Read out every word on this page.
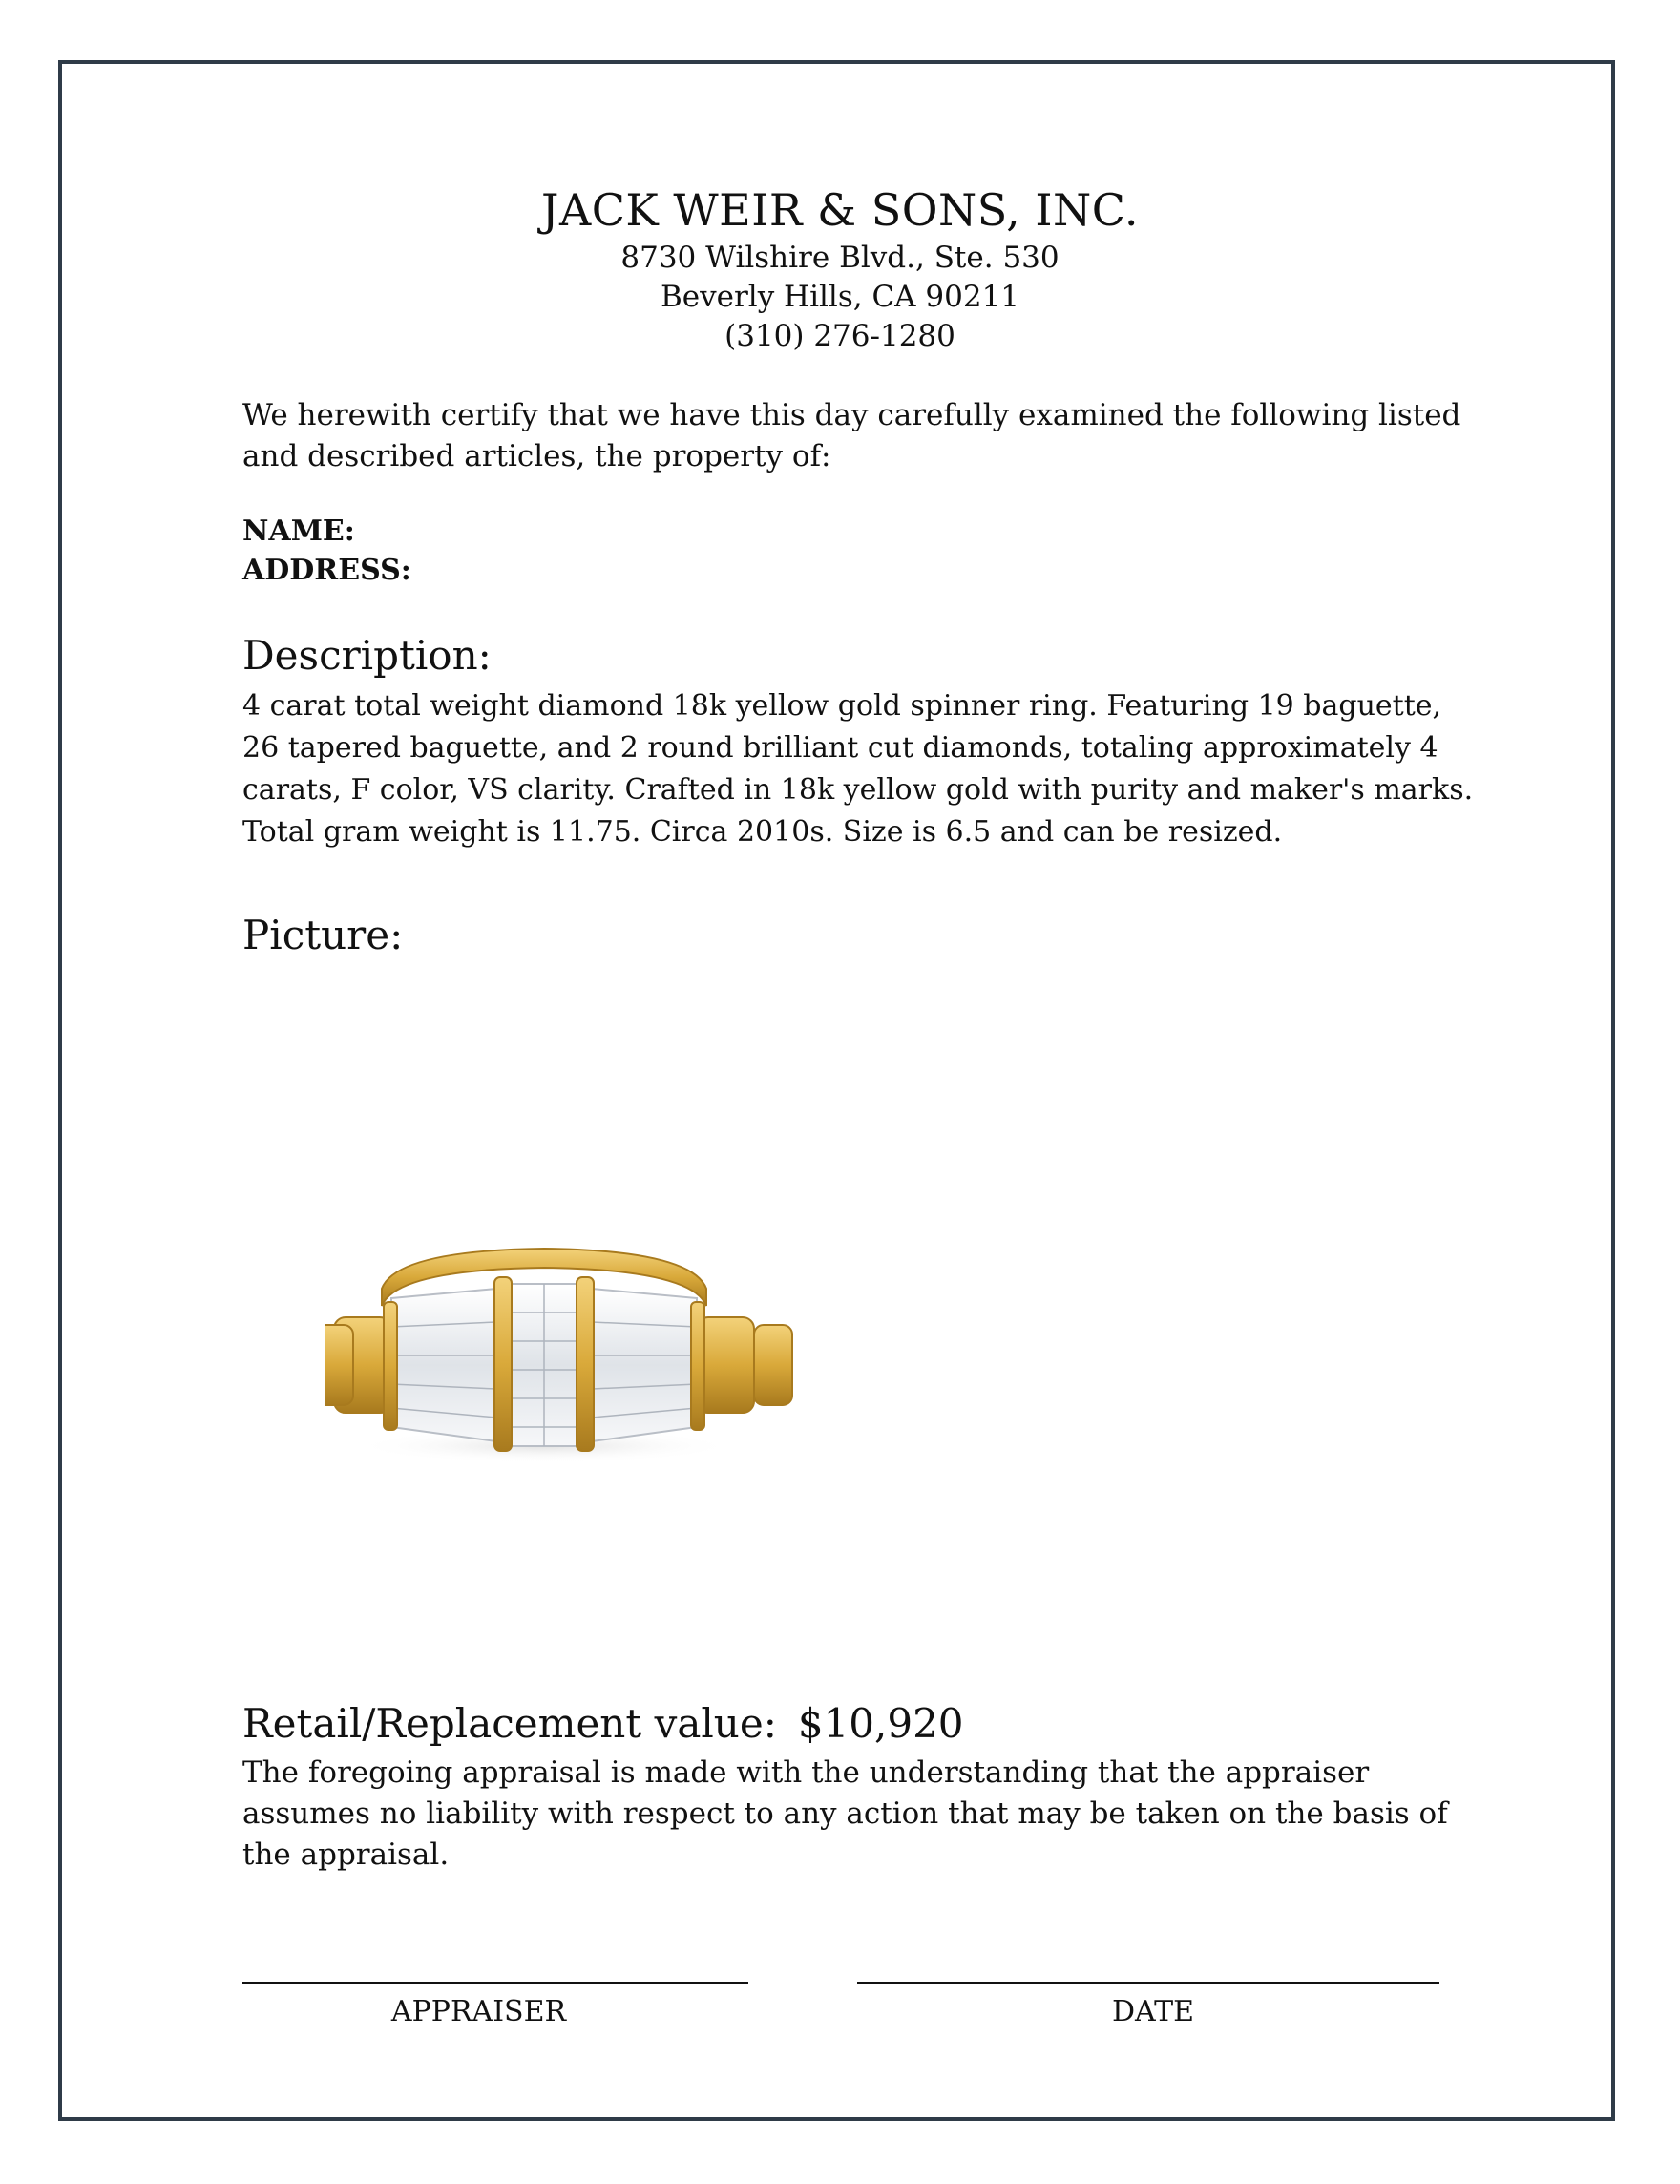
JACK WEIR & SONS, INC.
8730 Wilshire Blvd., Ste. 530
Beverly Hills, CA 90211
(310) 276-1280
We herewith certify that we have this day carefully examined the following listed and described articles, the property of:
NAME:
ADDRESS:
Description:
4 carat total weight diamond 18k yellow gold spinner ring. Featuring 19 baguette, 26 tapered baguette, and 2 round brilliant cut diamonds, totaling approximately 4 carats, F color, VS clarity. Crafted in 18k yellow gold with purity and maker's marks. Total gram weight is 11.75. Circa 2010s. Size is 6.5 and can be resized.
Picture:
Retail/Replacement value: $10,920
The foregoing appraisal is made with the understanding that the appraiser assumes no liability with respect to any action that may be taken on the basis of the appraisal.
APPRAISER	DATE
